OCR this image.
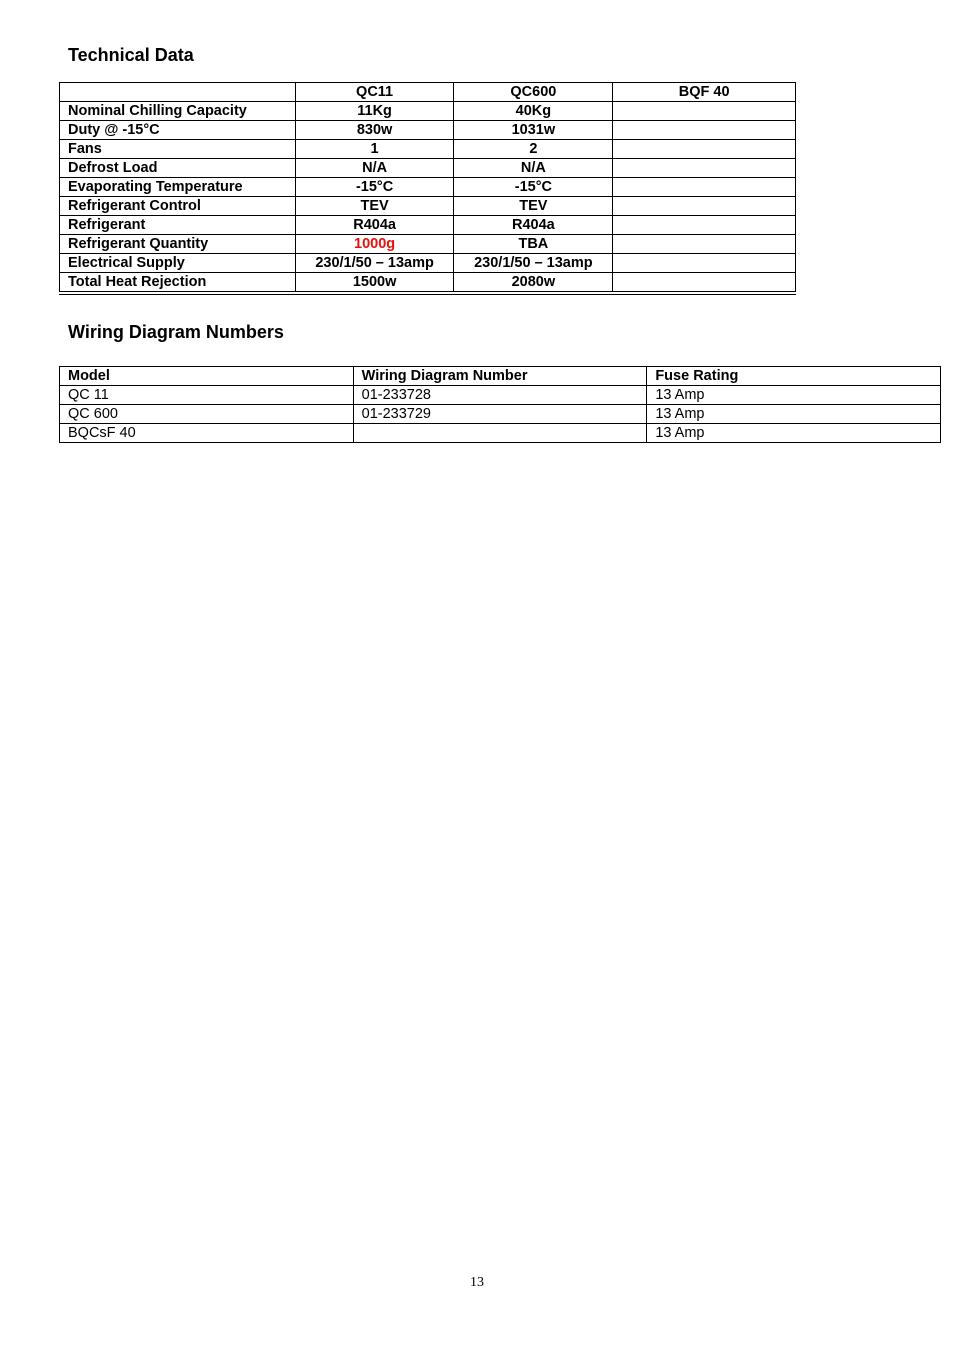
Technical Data
	QC11	QC600	BQF 40
Nominal Chilling Capacity	11Kg	40Kg	
Duty @ -15°C	830w	1031w	
Fans	1	2	
Defrost Load	N/A	N/A	
Evaporating Temperature	-15°C	-15°C	
Refrigerant Control	TEV	TEV	
Refrigerant	R404a	R404a	
Refrigerant Quantity	1000g	TBA	
Electrical Supply	230/1/50 – 13amp	230/1/50 – 13amp	
Total Heat Rejection	1500w	2080w	
Wiring Diagram Numbers
Model	Wiring Diagram Number	Fuse Rating
QC 11	01-233728	13 Amp
QC 600	01-233729	13 Amp
BQCsF 40		13 Amp
13
